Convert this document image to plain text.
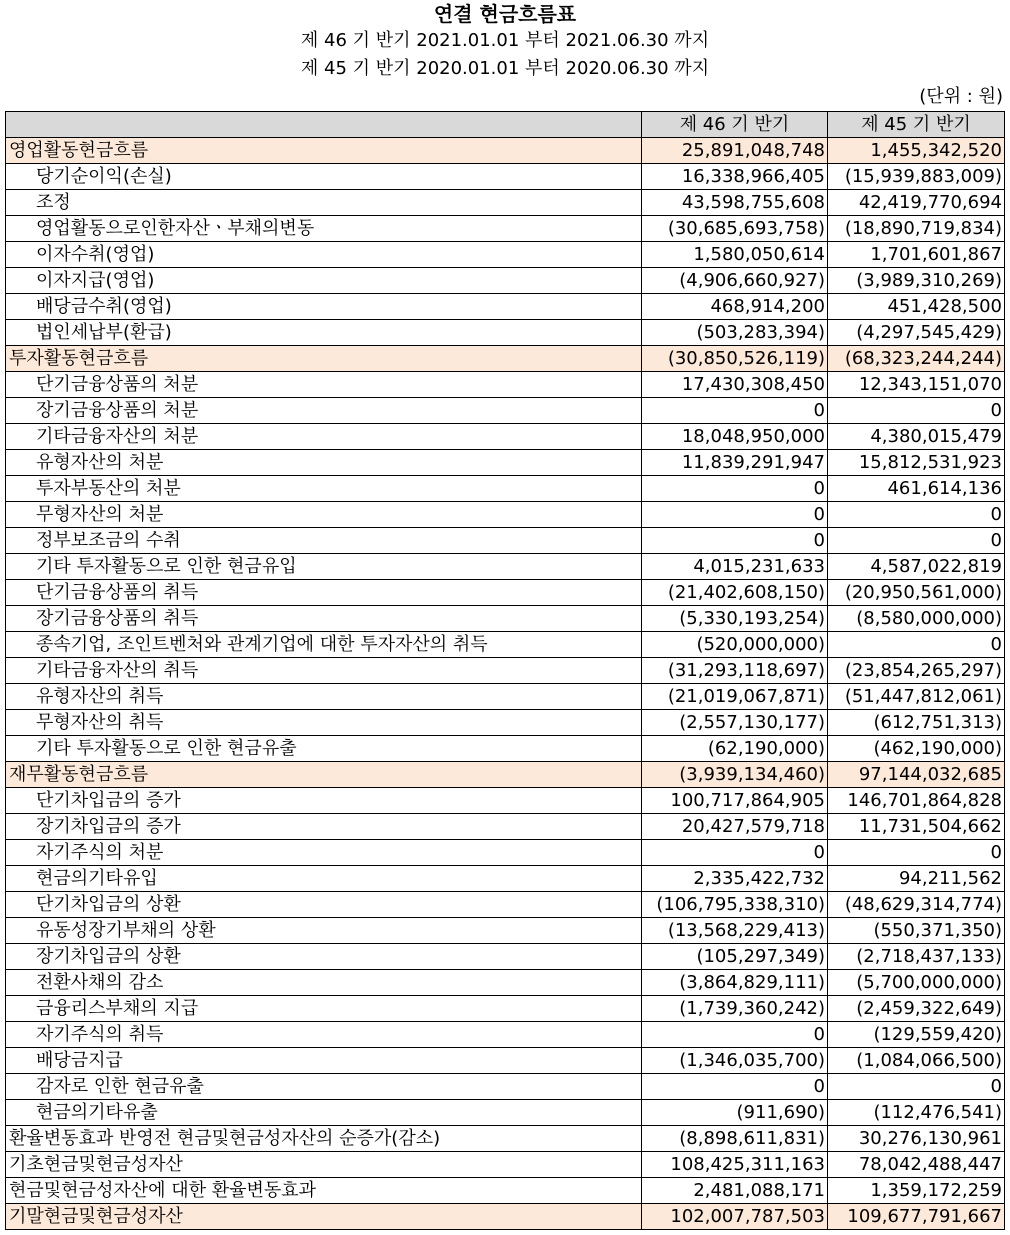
연결 현금흐름표
제 46 기 반기 2021.01.01 부터 2021.06.30 까지
제 45 기 반기 2020.01.01 부터 2020.06.30 까지
(단위 : 원)
	제 46 기 반기	제 45 기 반기
영업활동현금흐름	25,891,048,748	1,455,342,520
당기순이익(손실)	16,338,966,405	(15,939,883,009)
조정	43,598,755,608	42,419,770,694
영업활동으로인한자산ㆍ부채의변동	(30,685,693,758)	(18,890,719,834)
이자수취(영업)	1,580,050,614	1,701,601,867
이자지급(영업)	(4,906,660,927)	(3,989,310,269)
배당금수취(영업)	468,914,200	451,428,500
법인세납부(환급)	(503,283,394)	(4,297,545,429)
투자활동현금흐름	(30,850,526,119)	(68,323,244,244)
단기금융상품의 처분	17,430,308,450	12,343,151,070
장기금융상품의 처분	0	0
기타금융자산의 처분	18,048,950,000	4,380,015,479
유형자산의 처분	11,839,291,947	15,812,531,923
투자부동산의 처분	0	461,614,136
무형자산의 처분	0	0
정부보조금의 수취	0	0
기타 투자활동으로 인한 현금유입	4,015,231,633	4,587,022,819
단기금융상품의 취득	(21,402,608,150)	(20,950,561,000)
장기금융상품의 취득	(5,330,193,254)	(8,580,000,000)
종속기업, 조인트벤처와 관계기업에 대한 투자자산의 취득	(520,000,000)	0
기타금융자산의 취득	(31,293,118,697)	(23,854,265,297)
유형자산의 취득	(21,019,067,871)	(51,447,812,061)
무형자산의 취득	(2,557,130,177)	(612,751,313)
기타 투자활동으로 인한 현금유출	(62,190,000)	(462,190,000)
재무활동현금흐름	(3,939,134,460)	97,144,032,685
단기차입금의 증가	100,717,864,905	146,701,864,828
장기차입금의 증가	20,427,579,718	11,731,504,662
자기주식의 처분	0	0
현금의기타유입	2,335,422,732	94,211,562
단기차입금의 상환	(106,795,338,310)	(48,629,314,774)
유동성장기부채의 상환	(13,568,229,413)	(550,371,350)
장기차입금의 상환	(105,297,349)	(2,718,437,133)
전환사채의 감소	(3,864,829,111)	(5,700,000,000)
금융리스부채의 지급	(1,739,360,242)	(2,459,322,649)
자기주식의 취득	0	(129,559,420)
배당금지급	(1,346,035,700)	(1,084,066,500)
감자로 인한 현금유출	0	0
현금의기타유출	(911,690)	(112,476,541)
환율변동효과 반영전 현금및현금성자산의 순증가(감소)	(8,898,611,831)	30,276,130,961
기초현금및현금성자산	108,425,311,163	78,042,488,447
현금및현금성자산에 대한 환율변동효과	2,481,088,171	1,359,172,259
기말현금및현금성자산	102,007,787,503	109,677,791,667
